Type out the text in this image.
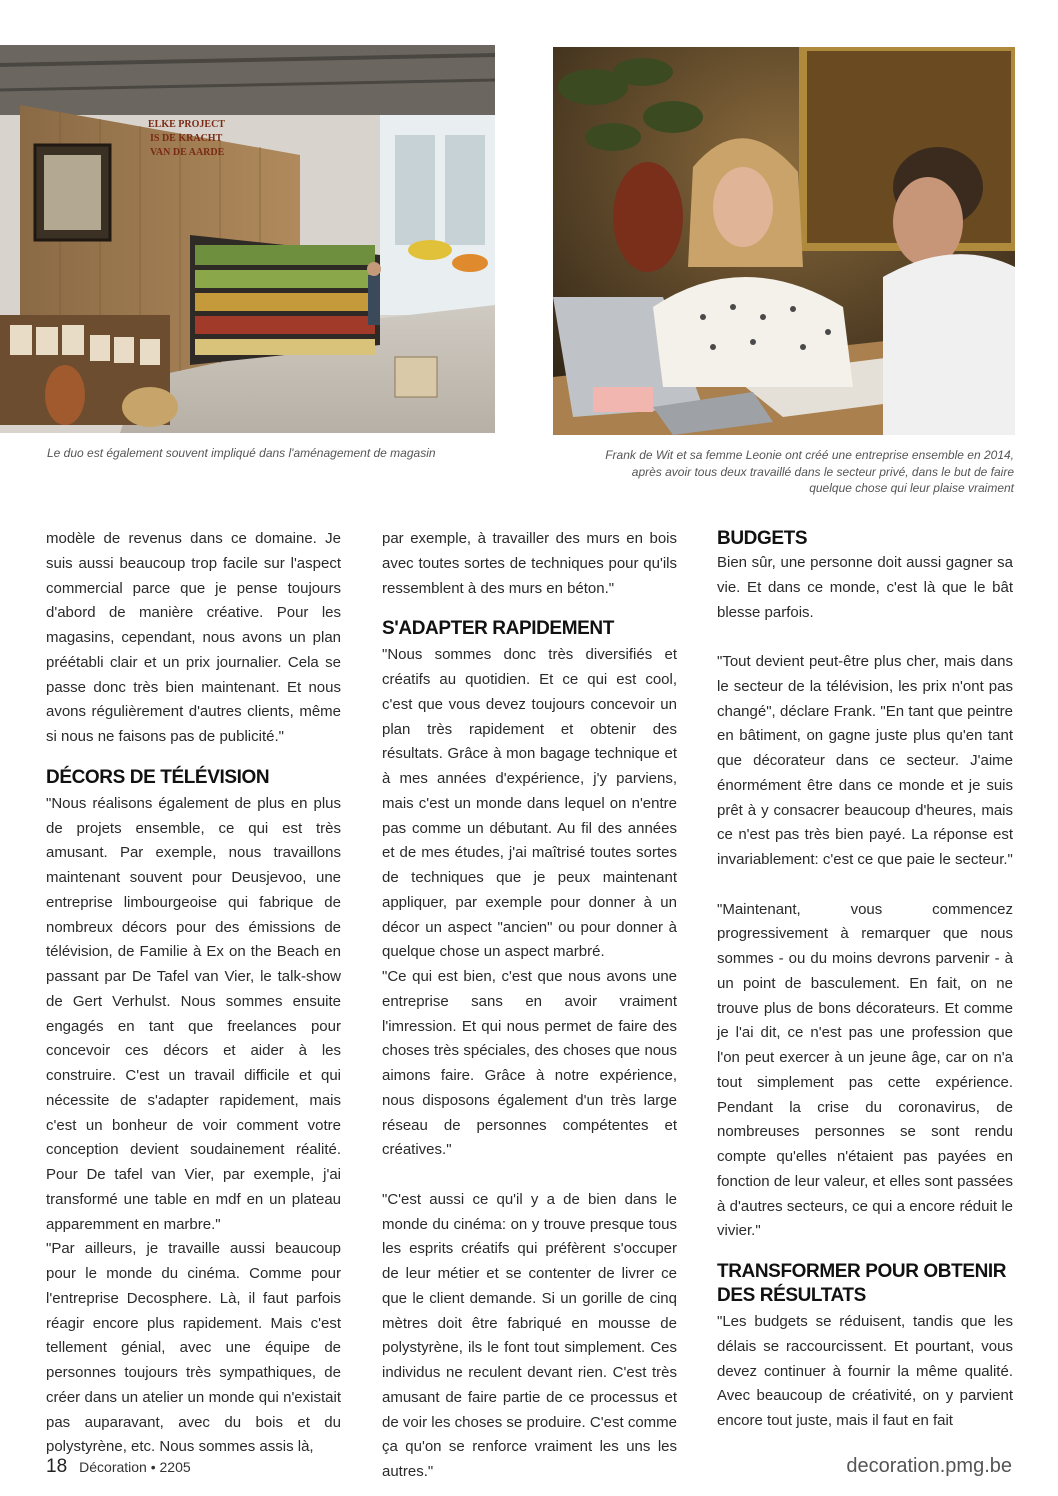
ELKE PROJECT
IS DE KRACHT
VAN DE AARDE
Le duo est également souvent impliqué dans l'aménagement de magasin	Frank de Wit et sa femme Leonie ont créé une entreprise ensemble en 2014,
après avoir tous deux travaillé dans le secteur privé, dans le but de faire
quelque chose qui leur plaise vraiment

modèle de revenus dans ce domaine. Je suis aussi beaucoup trop facile sur l'aspect commercial parce que je pense toujours d'abord de manière créative. Pour les magasins, cependant, nous avons un plan préétabli clair et un prix journalier. Cela se passe donc très bien maintenant. Et nous avons régulièrement d'autres clients, même si nous ne faisons pas de publicité."

DÉCORS DE TÉLÉVISION

"Nous réalisons également de plus en plus de projets ensemble, ce qui est très amusant. Par exemple, nous travaillons maintenant souvent pour Deusjevoo, une entreprise limbourgeoise qui fabrique de nombreux décors pour des émissions de télévision, de Familie à Ex on the Beach en passant par De Tafel van Vier, le talk-show de Gert Verhulst. Nous sommes ensuite engagés en tant que freelances pour concevoir ces décors et aider à les construire. C'est un travail difficile et qui nécessite de s'adapter rapidement, mais c'est un bonheur de voir comment votre conception devient soudainement réalité. Pour De tafel van Vier, par exemple, j'ai transformé une table en mdf en un plateau apparemment en marbre."

"Par ailleurs, je travaille aussi beaucoup pour le monde du cinéma. Comme pour l'entreprise Decosphere. Là, il faut parfois réagir encore plus rapidement. Mais c'est tellement génial, avec une équipe de personnes toujours très sympathiques, de créer dans un atelier un monde qui n'existait pas auparavant, avec du bois et du polystyrène, etc. Nous sommes assis là,

par exemple, à travailler des murs en bois avec toutes sortes de techniques pour qu'ils ressemblent à des murs en béton."

S'ADAPTER RAPIDEMENT

"Nous sommes donc très diversifiés et créatifs au quotidien. Et ce qui est cool, c'est que vous devez toujours concevoir un plan très rapidement et obtenir des résultats. Grâce à mon bagage technique et à mes années d'expérience, j'y parviens, mais c'est un monde dans lequel on n'entre pas comme un débutant. Au fil des années et de mes études, j'ai maîtrisé toutes sortes de techniques que je peux maintenant appliquer, par exemple pour donner à un décor un aspect "ancien" ou pour donner à quelque chose un aspect marbré.

"Ce qui est bien, c'est que nous avons une entreprise sans en avoir vraiment l'imression. Et qui nous permet de faire des choses très spéciales, des choses que nous aimons faire. Grâce à notre expérience, nous disposons également d'un très large réseau de personnes compétentes et créatives."

"C'est aussi ce qu'il y a de bien dans le monde du cinéma: on y trouve presque tous les esprits créatifs qui préfèrent s'occuper de leur métier et se contenter de livrer ce que le client demande. Si un gorille de cinq mètres doit être fabriqué en mousse de polystyrène, ils le font tout simplement. Ces individus ne reculent devant rien. C'est très amusant de faire partie de ce processus et de voir les choses se produire. C'est comme ça qu'on se renforce vraiment les uns les autres."

BUDGETS

Bien sûr, une personne doit aussi gagner sa vie. Et dans ce monde, c'est là que le bât blesse parfois.

"Tout devient peut-être plus cher, mais dans le secteur de la télévision, les prix n'ont pas changé", déclare Frank. "En tant que peintre en bâtiment, on gagne juste plus qu'en tant que décorateur dans ce secteur. J'aime énormément être dans ce monde et je suis prêt à y consacrer beaucoup d'heures, mais ce n'est pas très bien payé. La réponse est invariablement: c'est ce que paie le secteur."

"Maintenant, vous commencez progressivement à remarquer que nous sommes - ou du moins devrons parvenir - à un point de basculement. En fait, on ne trouve plus de bons décorateurs. Et comme je l'ai dit, ce n'est pas une profession que l'on peut exercer à un jeune âge, car on n'a tout simplement pas cette expérience. Pendant la crise du coronavirus, de nombreuses personnes se sont rendu compte qu'elles n'étaient pas payées en fonction de leur valeur, et elles sont passées à d'autres secteurs, ce qui a encore réduit le vivier."

TRANSFORMER POUR OBTENIR
DES RÉSULTATS

"Les budgets se réduisent, tandis que les délais se raccourcissent. Et pourtant, vous devez continuer à fournir la même qualité. Avec beaucoup de créativité, on y parvient encore tout juste, mais il faut en fait

18 Décoration • 2205	decoration.pmg.be
